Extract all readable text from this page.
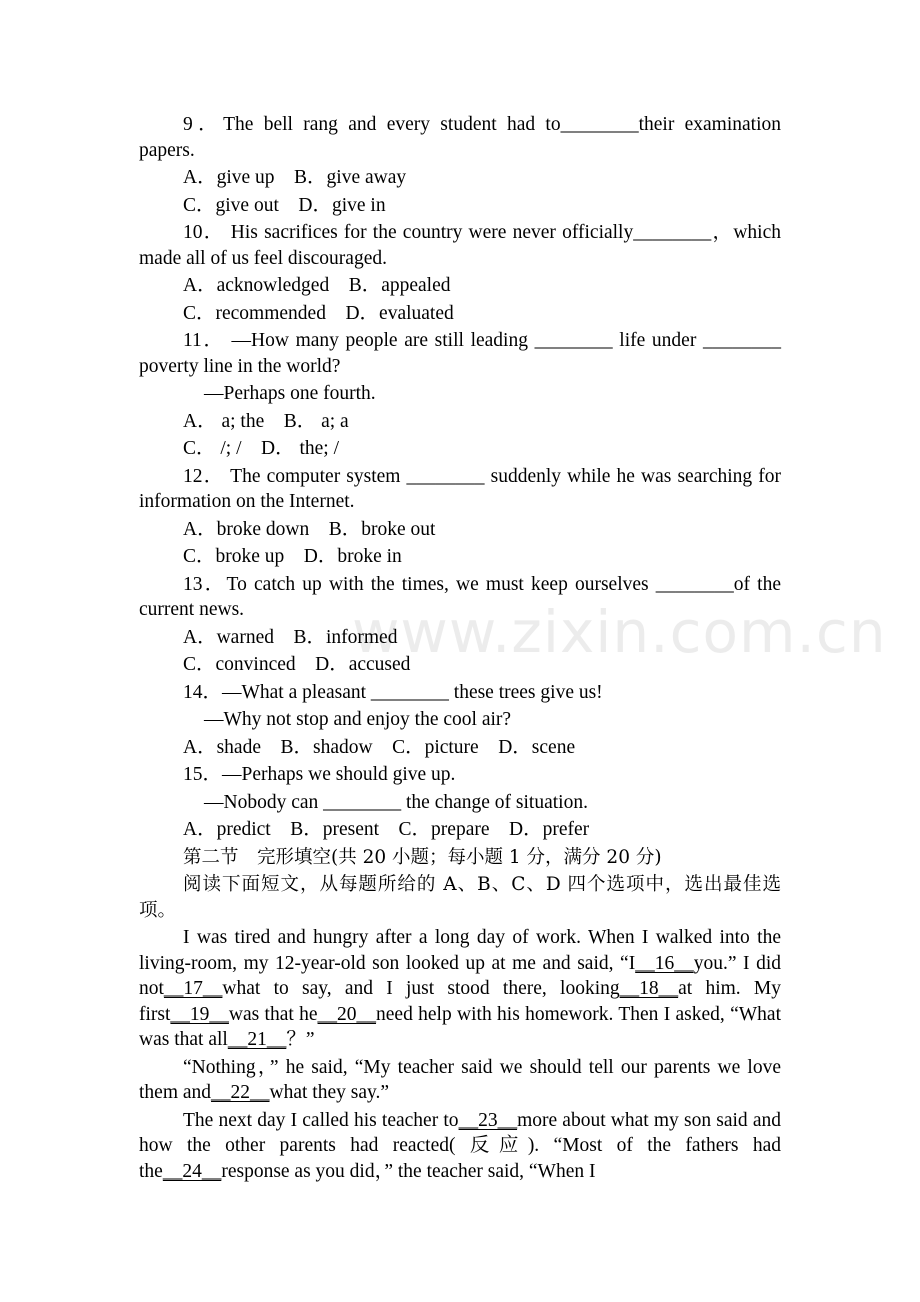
www.zixin.com.cn

9．The bell rang and every student had to________their examination papers.

A．give up　B．give away
C．give out　D．give in

10． His sacrifices for the country were never officially________，which made all of us feel discouraged.

A．acknowledged　B．appealed
C．recommended　D．evaluated

11． —How many people are still leading ________ life under ________ poverty line in the world?

—Perhaps one fourth.

A． a; the　B． a; a
C． /; /　D． the; /

12． The computer system ________ suddenly while he was searching for information on the Internet.

A．broke down　B．broke out
C．broke up　D．broke in

13．To catch up with the times, we must keep ourselves ________of the current news.

A．warned　B．informed
C．convinced　D．accused

14．—What a pleasant ________ these trees give us!

—Why not stop and enjoy the cool air?

A．shade　B．shadow　C．picture　D．scene

15．—Perhaps we should give up.

—Nobody can ________ the change of situation.

A．predict　B．present　C．prepare　D．prefer

第二节　完形填空(共 20 小题；每小题 1 分，满分 20 分)

阅读下面短文，从每题所给的 A、B、C、D 四个选项中，选出最佳选项。

I was tired and hungry after a long day of work. When I walked into the living-room, my 12-year-old son looked up at me and said, “I__16__you.” I did not__17__what to say, and I just stood there, looking__18__at him. My first__19__was that he__20__need help with his homework. Then I asked, “What was that all__21__？”

“Nothing，” he said, “My teacher said we should tell our parents we love them and__22__what they say.”

The next day I called his teacher to__23__more about what my son said and how the other parents had reacted( 反应). “Most of the fathers had the__24__response as you did，” the teacher said, “When I
